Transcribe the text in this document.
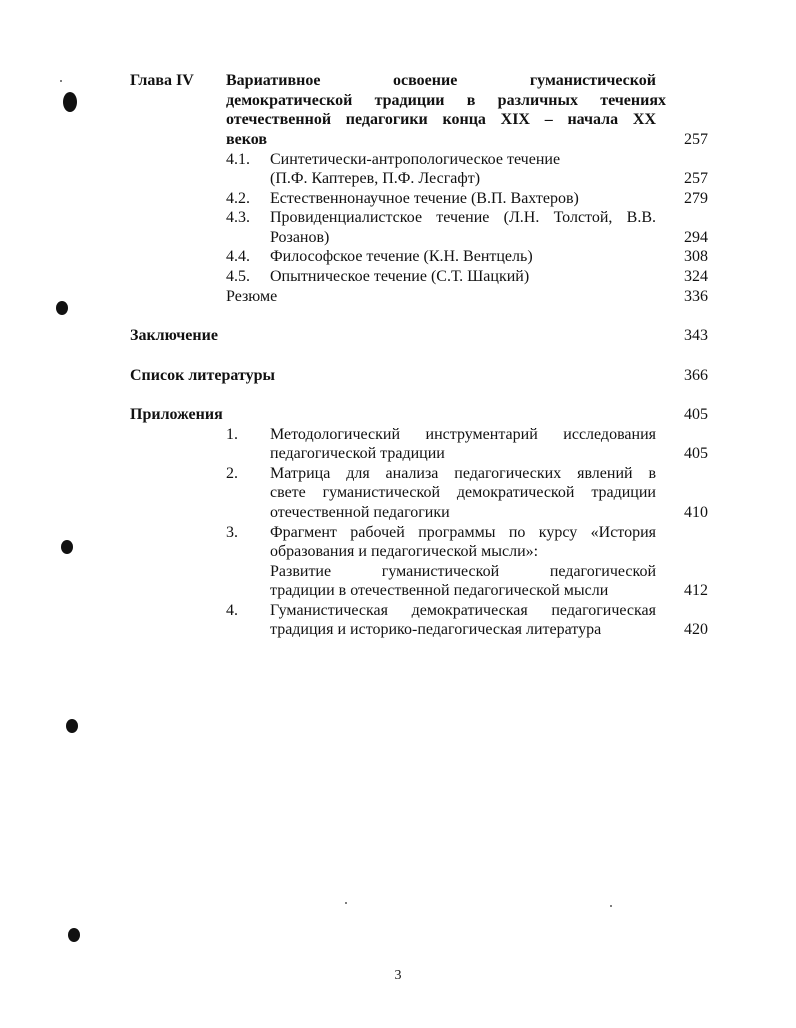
Глава IV Вариативное освоение гуманистической
демократической традиции в различных течениях
отечественной педагогики конца XIX – начала XX
веков	257
4.1. Синтетически-антропологическое течение
(П.Ф. Каптерев, П.Ф. Лесгафт)	257
4.2. Естественнонаучное течение (В.П. Вахтеров)	279
4.3. Провиденциалистское течение (Л.Н. Толстой, В.В.
Розанов)	294
4.4. Философское течение (К.Н. Вентцель)	308
4.5. Опытническое течение (С.Т. Шацкий)	324
Резюме	336
Заключение	343
Список литературы	366
Приложения	405
1. Методологический инструментарий исследования
педагогической традиции	405
2. Матрица для анализа педагогических явлений в
свете гуманистической демократической традиции
отечественной педагогики	410
3. Фрагмент рабочей программы по курсу «История
образования и педагогической мысли»:
Развитие гуманистической педагогической
традиции в отечественной педагогической мысли	412
4. Гуманистическая демократическая педагогическая
традиция и историко-педагогическая литература	420
3
